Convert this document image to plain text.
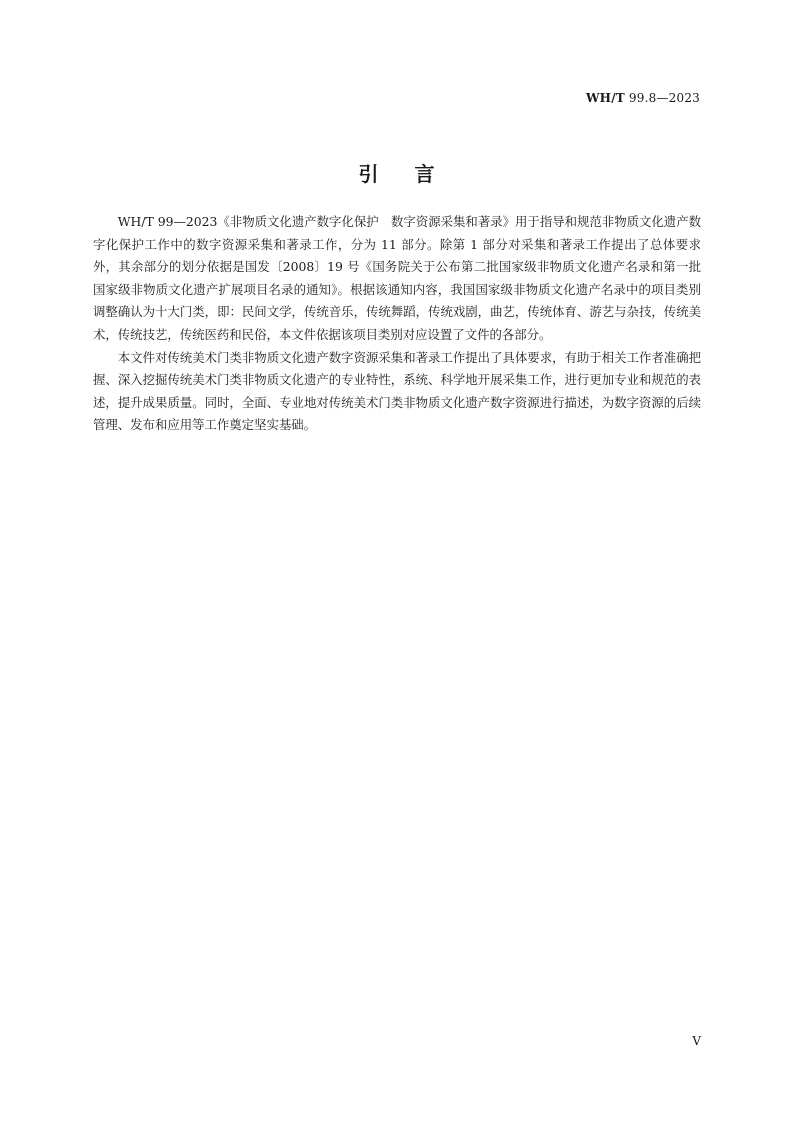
WH/T 99.8—2023
引言

WH/T 99—2023《非物质文化遗产数字化保护　数字资源采集和著录》用于指导和规范非物质文化遗产数字化保护工作中的数字资源采集和著录工作，分为 11 部分。除第 1 部分对采集和著录工作提出了总体要求外，其余部分的划分依据是国发〔2008〕19 号《国务院关于公布第二批国家级非物质文化遗产名录和第一批国家级非物质文化遗产扩展项目名录的通知》。根据该通知内容，我国国家级非物质文化遗产名录中的项目类别调整确认为十大门类，即：民间文学，传统音乐，传统舞蹈，传统戏剧，曲艺，传统体育、游艺与杂技，传统美术，传统技艺，传统医药和民俗，本文件依据该项目类别对应设置了文件的各部分。

本文件对传统美术门类非物质文化遗产数字资源采集和著录工作提出了具体要求，有助于相关工作者准确把握、深入挖掘传统美术门类非物质文化遗产的专业特性，系统、科学地开展采集工作，进行更加专业和规范的表述，提升成果质量。同时，全面、专业地对传统美术门类非物质文化遗产数字资源进行描述，为数字资源的后续管理、发布和应用等工作奠定坚实基础。

V
